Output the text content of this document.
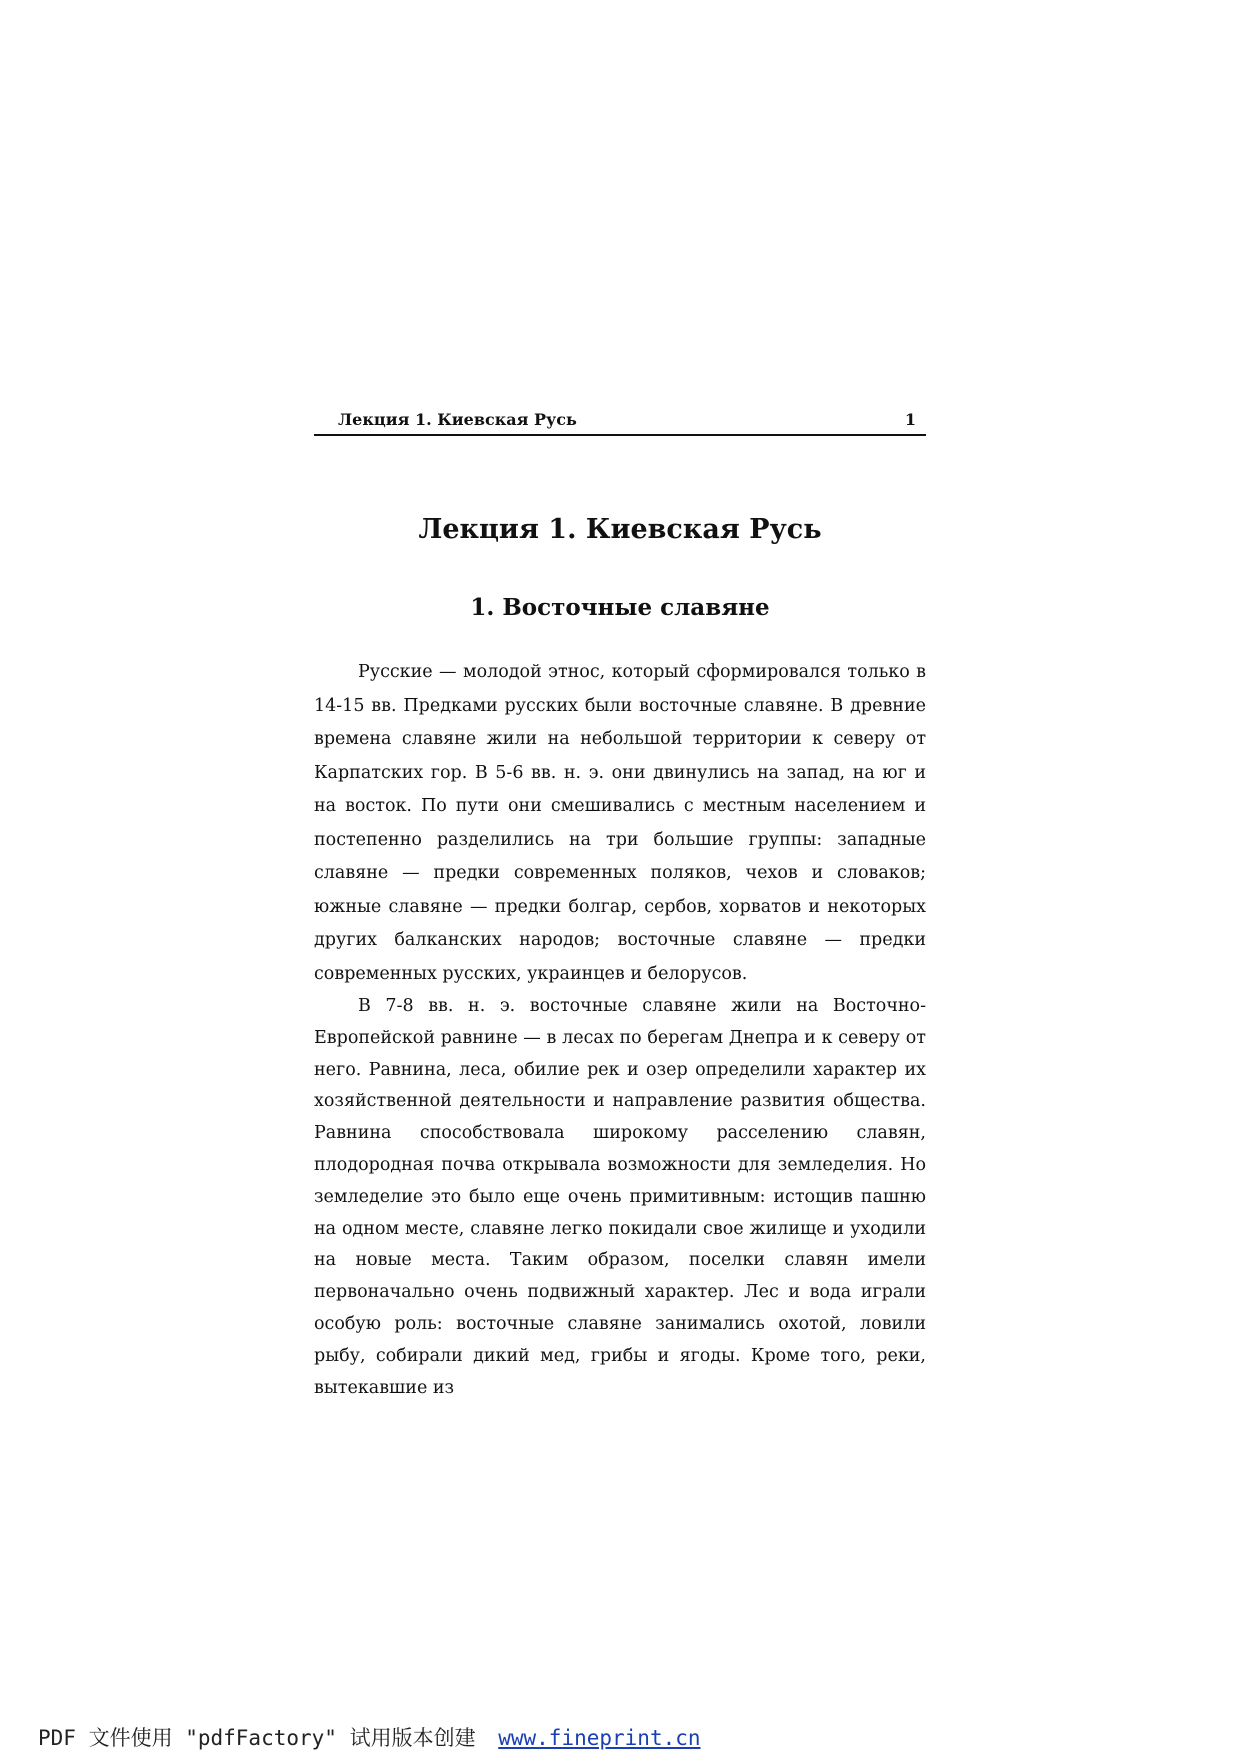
Лекция 1. Киевская Русь	1
Лекция 1. Киевская Русь
1. Восточные славяне

Русские — молодой этнос, который сформировался только в 14-15 вв. Предками русских были восточные славяне. В древние времена славяне жили на небольшой территории к северу от Карпатских гор. В 5-6 вв. н. э. они двинулись на запад, на юг и на восток. По пути они смешивались с местным населением и постепенно разделились на три большие группы: западные славяне — предки современных поляков, чехов и словаков; южные славяне — предки болгар, сербов, хорватов и некоторых других балканских народов; восточные славяне — предки современных русских, украинцев и белорусов.

В 7-8 вв. н. э. восточные славяне жили на Восточно-Европейской равнине — в лесах по берегам Днепра и к северу от него. Равнина, леса, обилие рек и озер определили характер их хозяйственной деятельности и направление развития общества. Равнина способствовала широкому расселению славян, плодородная почва открывала возможности для земледелия. Но земледелие это было еще очень примитивным: истощив пашню на одном месте, славяне легко покидали свое жилище и уходили на новые места. Таким образом, поселки славян имели первоначально очень подвижный характер. Лес и вода играли особую роль: восточные славяне занимались охотой, ловили рыбу, собирали дикий мед, грибы и ягоды. Кроме того, реки, вытекавшие из

PDF 文件使用 "pdfFactory" 试用版本创建 www.fineprint.cn
